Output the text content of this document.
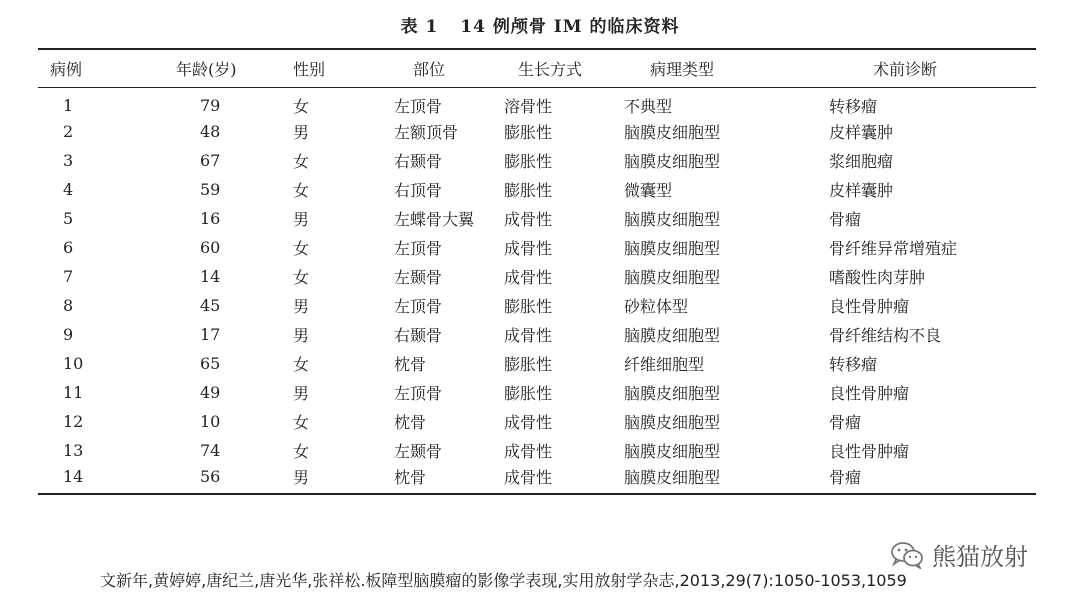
表 1 14 例颅骨 IM 的临床资料
病例	年龄(岁)	性别	部位	生长方式	病理类型	术前诊断
1	79	女	左顶骨	溶骨性	不典型	转移瘤
2	48	男	左额顶骨	膨胀性	脑膜皮细胞型	皮样囊肿
3	67	女	右颞骨	膨胀性	脑膜皮细胞型	浆细胞瘤
4	59	女	右顶骨	膨胀性	微囊型	皮样囊肿
5	16	男	左蝶骨大翼	成骨性	脑膜皮细胞型	骨瘤
6	60	女	左顶骨	成骨性	脑膜皮细胞型	骨纤维异常增殖症
7	14	女	左颞骨	成骨性	脑膜皮细胞型	嗜酸性肉芽肿
8	45	男	左顶骨	膨胀性	砂粒体型	良性骨肿瘤
9	17	男	右颞骨	成骨性	脑膜皮细胞型	骨纤维结构不良
10	65	女	枕骨	膨胀性	纤维细胞型	转移瘤
11	49	男	左顶骨	膨胀性	脑膜皮细胞型	良性骨肿瘤
12	10	女	枕骨	成骨性	脑膜皮细胞型	骨瘤
13	74	女	左颞骨	成骨性	脑膜皮细胞型	良性骨肿瘤
14	56	男	枕骨	成骨性	脑膜皮细胞型	骨瘤
文新年,黄婷婷,唐纪兰,唐光华,张祥松.板障型脑膜瘤的影像学表现,实用放射学杂志,2013,29(7):1050-1053,1059
熊猫放射
